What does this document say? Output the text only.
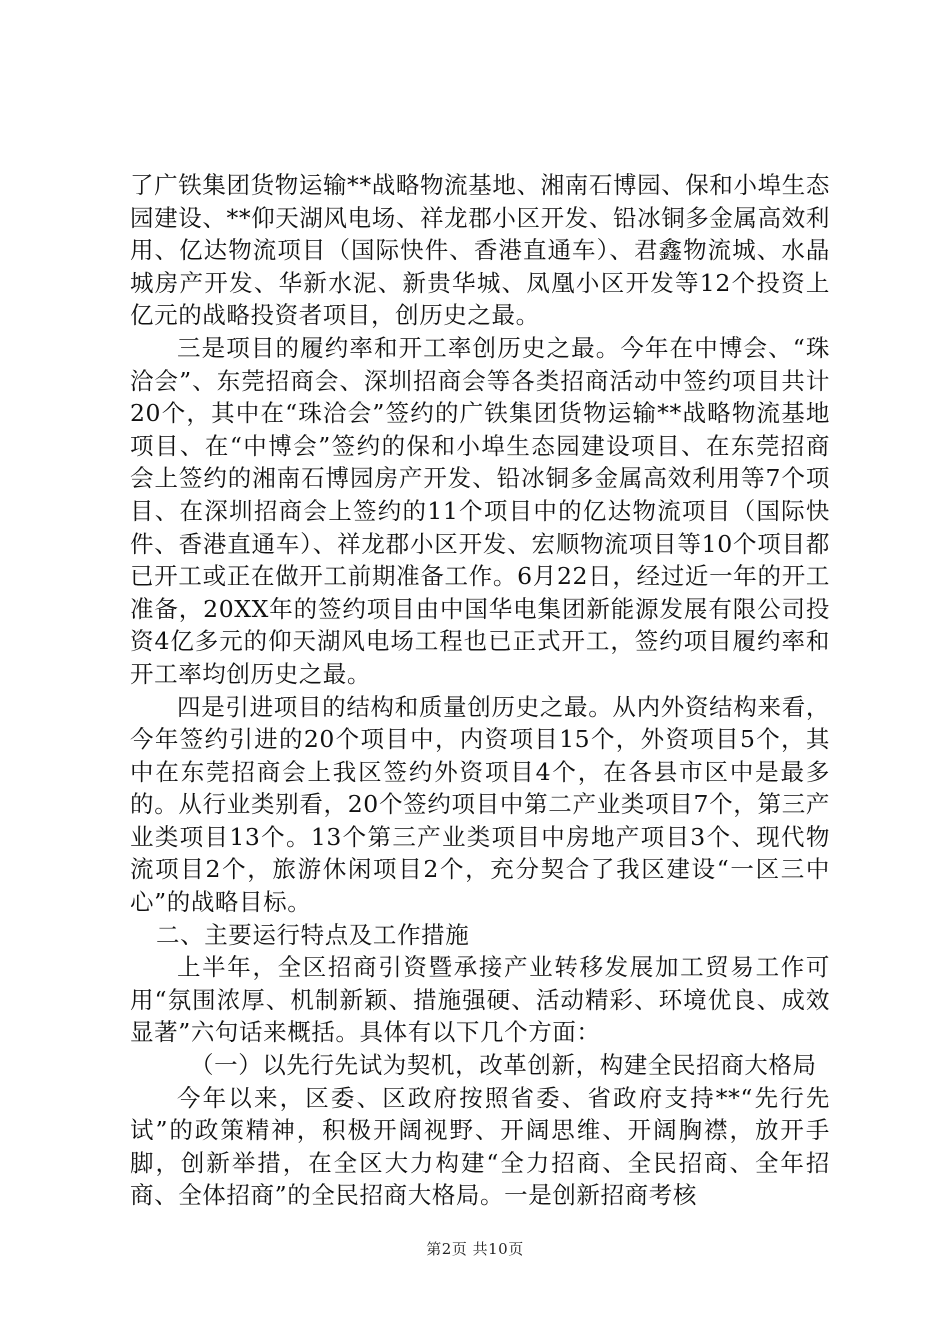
了广铁集团货物运输**战略物流基地、湘南石博园、保和小埠生态园建设、**仰天湖风电场、祥龙郡小区开发、铅冰铜多金属高效利用、亿达物流项目（国际快件、香港直通车）、君鑫物流城、水晶城房产开发、华新水泥、新贵华城、凤凰小区开发等12个投资上亿元的战略投资者项目，创历史之最。

三是项目的履约率和开工率创历史之最。今年在中博会、“珠洽会”、东莞招商会、深圳招商会等各类招商活动中签约项目共计20个，其中在“珠洽会”签约的广铁集团货物运输**战略物流基地项目、在“中博会”签约的保和小埠生态园建设项目、在东莞招商会上签约的湘南石博园房产开发、铅冰铜多金属高效利用等7个项目、在深圳招商会上签约的11个项目中的亿达物流项目（国际快件、香港直通车）、祥龙郡小区开发、宏顺物流项目等10个项目都已开工或正在做开工前期准备工作。6月22日，经过近一年的开工准备，20XX年的签约项目由中国华电集团新能源发展有限公司投资4亿多元的仰天湖风电场工程也已正式开工，签约项目履约率和开工率均创历史之最。

四是引进项目的结构和质量创历史之最。从内外资结构来看，今年签约引进的20个项目中，内资项目15个，外资项目5个，其中在东莞招商会上我区签约外资项目4个，在各县市区中是最多的。从行业类别看，20个签约项目中第二产业类项目7个，第三产业类项目13个。13个第三产业类项目中房地产项目3个、现代物流项目2个，旅游休闲项目2个，充分契合了我区建设“一区三中心”的战略目标。

二、主要运行特点及工作措施

上半年，全区招商引资暨承接产业转移发展加工贸易工作可用“氛围浓厚、机制新颖、措施强硬、活动精彩、环境优良、成效显著”六句话来概括。具体有以下几个方面：

（一）以先行先试为契机，改革创新，构建全民招商大格局

今年以来，区委、区政府按照省委、省政府支持**“先行先试”的政策精神，积极开阔视野、开阔思维、开阔胸襟，放开手脚，创新举措，在全区大力构建“全力招商、全民招商、全年招商、全体招商”的全民招商大格局。一是创新招商考核

第2页 共10页
